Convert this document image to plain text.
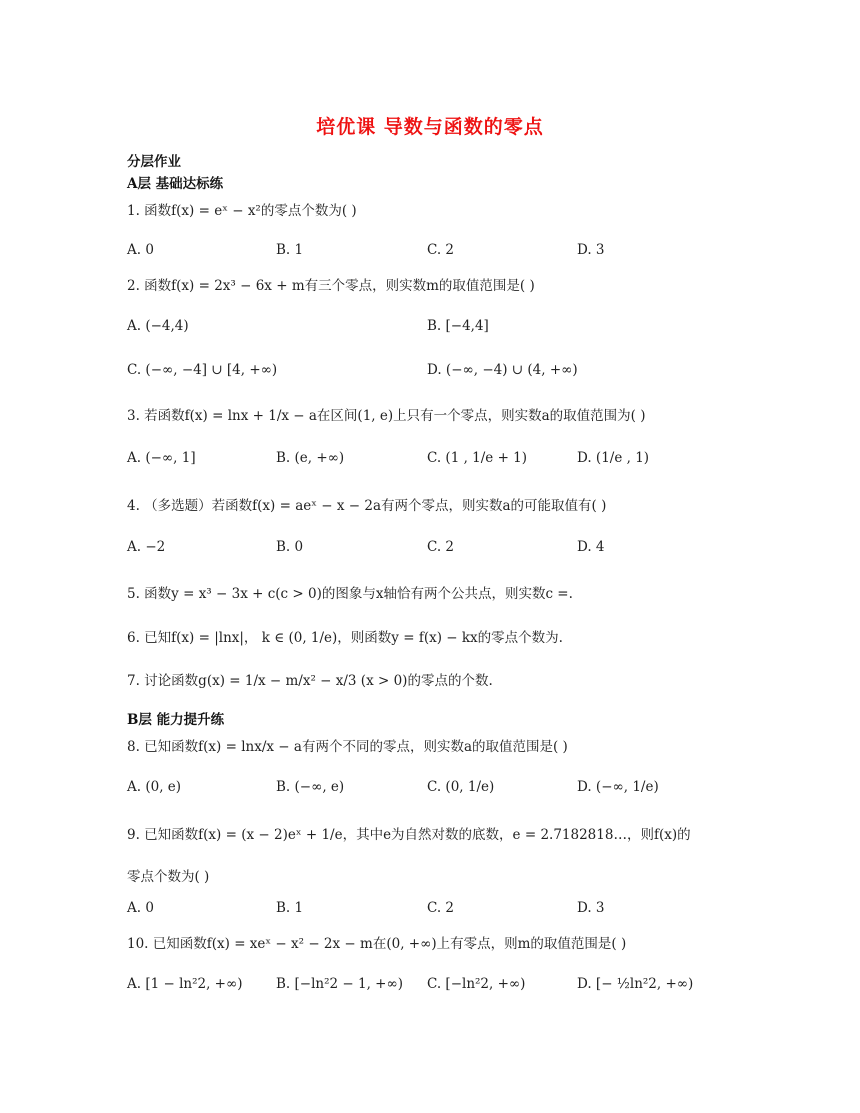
培优课 导数与函数的零点
分层作业
A层 基础达标练
1. 函数f(x) = eˣ − x²的零点个数为( )
A. 0	B. 1	C. 2	D. 3
2. 函数f(x) = 2x³ − 6x + m有三个零点，则实数m的取值范围是( )
A. (−4,4)	B. [−4,4]
C. (−∞, −4] ∪ [4, +∞)	D. (−∞, −4) ∪ (4, +∞)
3. 若函数f(x) = lnx + 1/x − a在区间(1, e)上只有一个零点，则实数a的取值范围为( )
A. (−∞, 1]	B. (e, +∞)	C. (1 , 1/e + 1)	D. (1/e , 1)
4. （多选题）若函数f(x) = aeˣ − x − 2a有两个零点，则实数a的可能取值有( )
A. −2	B. 0	C. 2	D. 4
5. 函数y = x³ − 3x + c(c > 0)的图象与x轴恰有两个公共点，则实数c =.
6. 已知f(x) = |lnx|， k ∈ (0, 1/e)，则函数y = f(x) − kx的零点个数为.
7. 讨论函数g(x) = 1/x − m/x² − x/3 (x > 0)的零点的个数.
B层 能力提升练
8. 已知函数f(x) = lnx/x − a有两个不同的零点，则实数a的取值范围是( )
A. (0, e)	B. (−∞, e)	C. (0, 1/e)	D. (−∞, 1/e)
9. 已知函数f(x) = (x − 2)eˣ + 1/e，其中e为自然对数的底数，e = 2.7182818…，则f(x)的
零点个数为( )
A. 0	B. 1	C. 2	D. 3
10. 已知函数f(x) = xeˣ − x² − 2x − m在(0, +∞)上有零点，则m的取值范围是( )
A. [1 − ln²2, +∞) B. [−ln²2 − 1, +∞) C. [−ln²2, +∞)	D. [− ½ln²2, +∞)
